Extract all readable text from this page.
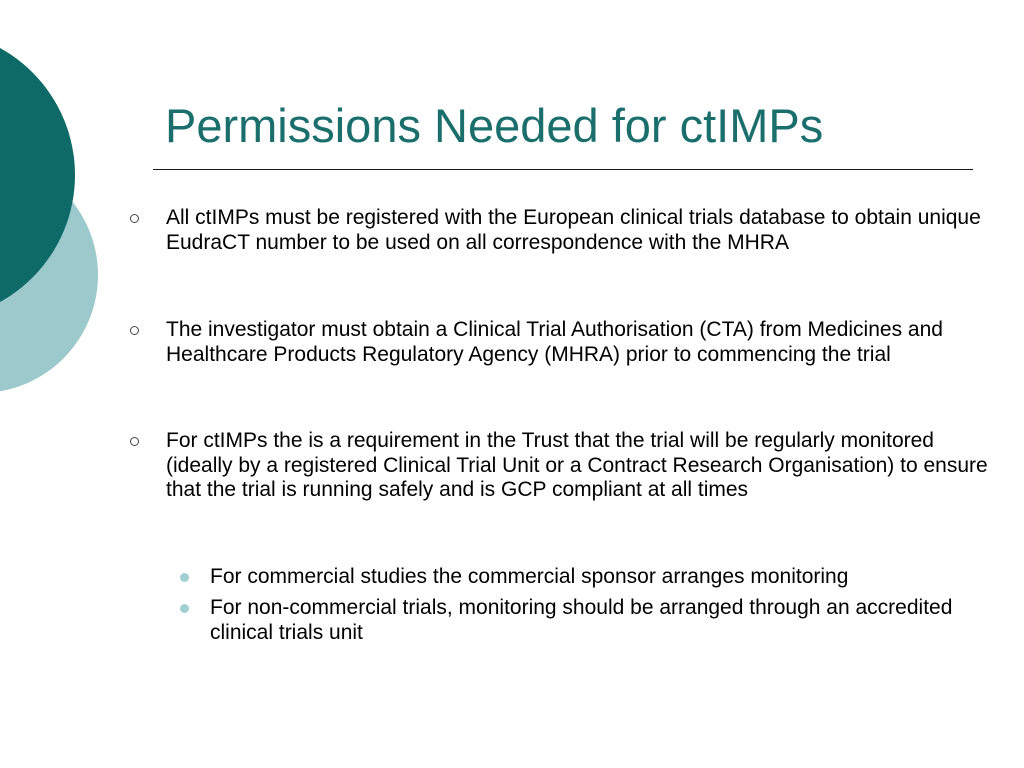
Permissions Needed for ctIMPs

All ctIMPs must be registered with the European clinical trials database to obtain unique EudraCT number to be used on all correspondence with the MHRA

The investigator must obtain a Clinical Trial Authorisation (CTA) from Medicines and Healthcare Products Regulatory Agency (MHRA) prior to commencing the trial

For ctIMPs the is a requirement in the Trust that the trial will be regularly monitored (ideally by a registered Clinical Trial Unit or a Contract Research Organisation) to ensure that the trial is running safely and is GCP compliant at all times

For commercial studies the commercial sponsor arranges monitoring

For non-commercial trials, monitoring should be arranged through an accredited clinical trials unit
